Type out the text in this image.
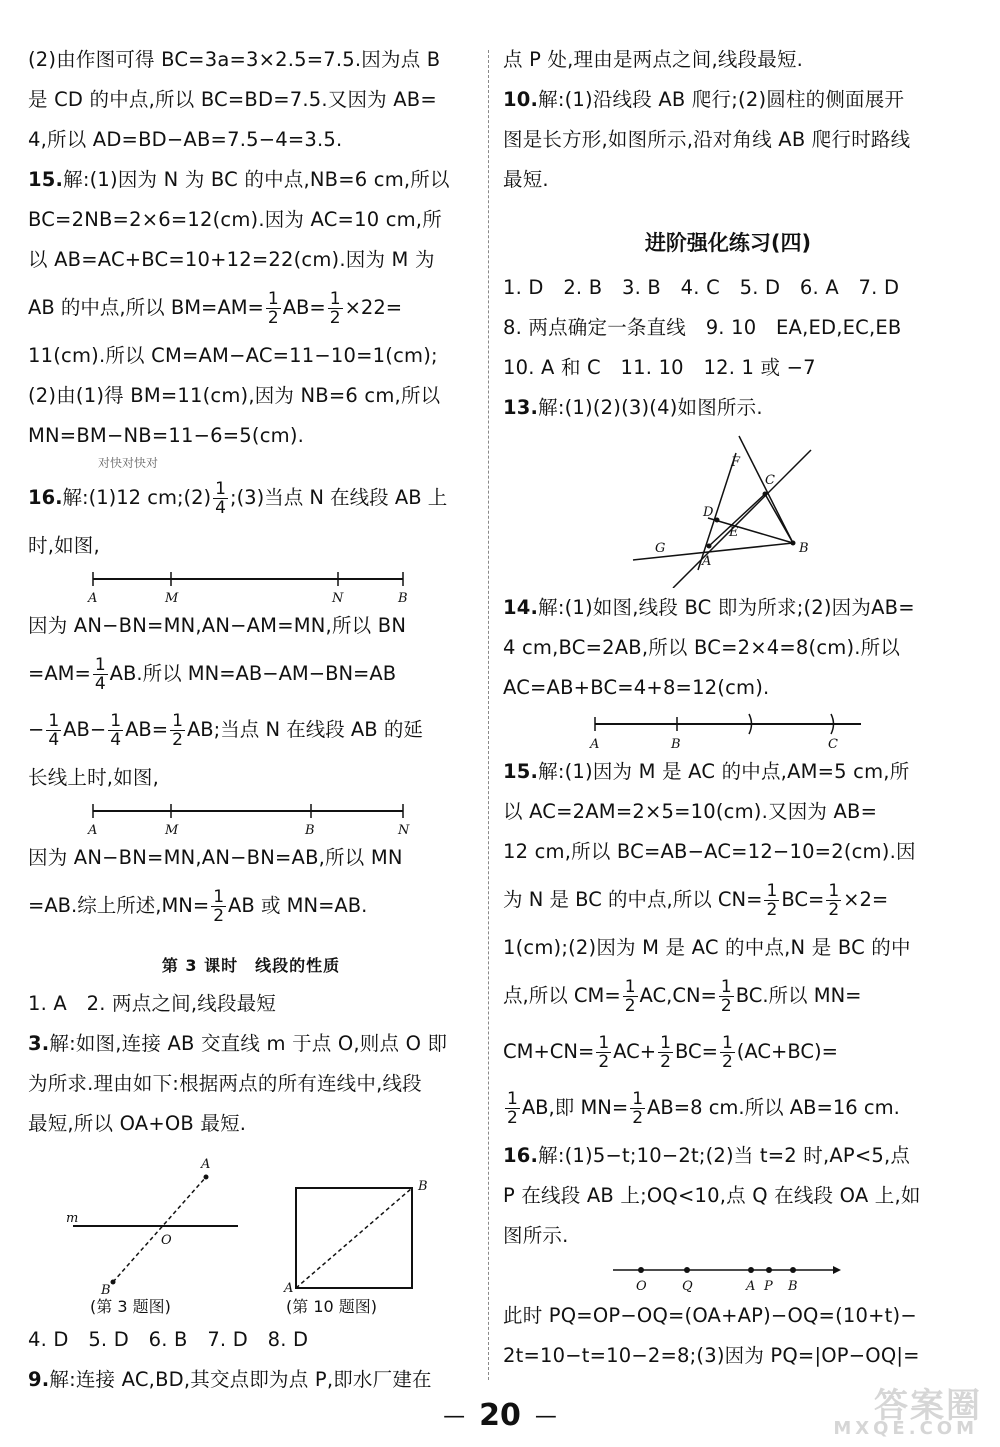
(2)由作图可得 BC=3a=3×2.5=7.5.因为点 B

是 CD 的中点,所以 BC=BD=7.5.又因为 AB=

4,所以 AD=BD−AB=7.5−4=3.5.

15.解:(1)因为 N 为 BC 的中点,NB=6 cm,所以

BC=2NB=2×6=12(cm).因为 AC=10 cm,所

以 AB=AC+BC=10+12=22(cm).因为 M 为

AB 的中点,所以 $BM=AM= \frac{1}{2} AB= \frac{1}{2} \times 22=$

11(cm).所以 CM=AM−AC=11−10=1(cm);

(2)由(1)得 BM=11(cm),因为 NB=6 cm,所以

MN=BM−NB=11−6=5(cm).

对快对快对

16.解:(1)12 cm;(2) $\frac{1}{4}$ ;(3)当点 N 在线段 AB 上

时,如图,

A	M	N	B

因为 AN−BN=MN,AN−AM=MN,所以 BN

$=AM= \frac{1}{4}$ AB.所以 MN=AB−AM−BN=AB

− $\frac{1}{4} AB- \frac{1}{4} AB= \frac{1}{2}$ AB;当点 N 在线段 AB 的延

长线上时,如图,

A	M	B	N

因为 AN−BN=MN,AN−BN=AB,所以 MN

=AB.综上所述$,MN= \frac{1}{2}$ AB 或 MN=AB.

第 3 课时　线段的性质

1. A　2. 两点之间,线段最短

3.解:如图,连接 AB 交直线 m 于点 O,则点 O 即

为所求.理由如下:根据两点的所有连线中,线段

最短,所以 OA+OB 最短.

m
O
A
B	A
B

(第 3 题图)	(第 10 题图)

4. D　5. D　6. B　7. D　8. D

9.解:连接 AC,BD,其交点即为点 P,即水厂建在

点 P 处,理由是两点之间,线段最短.

10.解:(1)沿线段 AB 爬行;(2)圆柱的侧面展开

图是长方形,如图所示,沿对角线 AB 爬行时路线

最短.

进阶强化练习(四)

1. D　2. B　3. B　4. C　5. D　6. A　7. D

8. 两点确定一条直线　9. 10　EA,ED,EC,EB

10. A 和 C　11. 10　12. 1 或 −7

13.解:(1)(2)(3)(4)如图所示.

F
C
D
E
G
A
B

14.解:(1)如图,线段 BC 即为所求;(2)因为AB=

4 cm,BC=2AB,所以 BC=2×4=8(cm).所以

AC=AB+BC=4+8=12(cm).

A	B	C

15.解:(1)因为 M 是 AC 的中点,AM=5 cm,所

以 AC=2AM=2×5=10(cm).又因为 AB=

12 cm,所以 BC=AB−AC=12−10=2(cm).因

为 N 是 BC 的中点,所以 $CN= \frac{1}{2} BC= \frac{1}{2} \times 2=$

1(cm);(2)因为 M 是 AC 的中点,N 是 BC 的中

点,所以 $CM= \frac{1}{2} AC,CN= \frac{1}{2}$ BC.所以 MN=

$CM+CN= \frac{1}{2} AC+ \frac{1}{2} BC= \frac{1}{2} (AC+BC)=$

$\frac{1}{2}$ AB,即 $MN= \frac{1}{2} AB=8$ cm.所以 AB=16 cm.

16.解:(1)5−t;10−2t;(2)当 t=2 时,AP<5,点

P 在线段 AB 上;OQ<10,点 Q 在线段 OA 上,如

图所示.

O	Q	A P B

此时 PQ=OP−OQ=(OA+AP)−OQ=(10+t)−

2t=10−t=10−2=8;(3)因为 PQ=|OP−OQ|=

— 20 —	答案圈
MXQE.COM
